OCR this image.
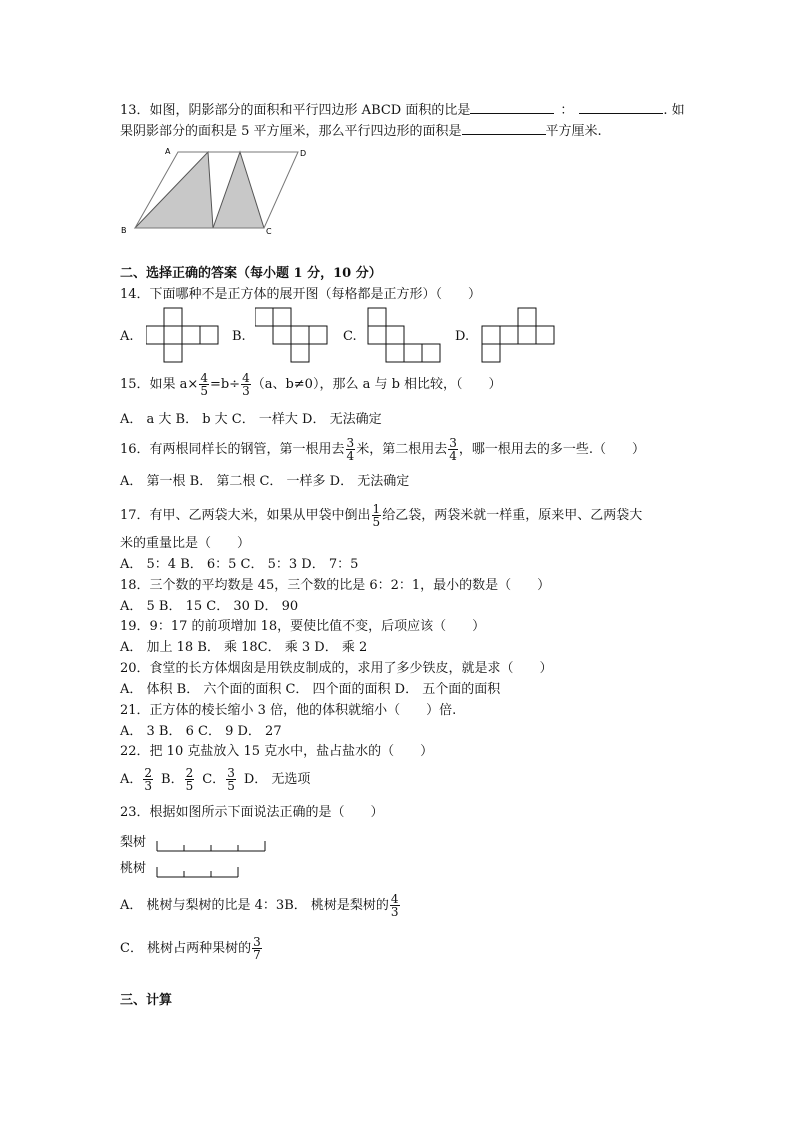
13．如图，阴影部分的面积和平行四边形 ABCD 面积的比是	：	. 如
果阴影部分的面积是 5 平方厘米，那么平行四边形的面积是	平方厘米.
A	D
B	C
二、选择正确的答案（每小题 1 分，10 分）
14．下面哪种不是正方体的展开图（每格都是正方形）（　　）
A.	B.	C.	D.
15．如果 $a\times \frac{4}{5} =b\div \frac{4}{3} (a$、b≠0），那么 a 与 b 相比较，（　　）
A． a 大 B． b 大 C． 一样大 D． 无法确定
16．有两根同样长的钢管，第一根用去 $\frac{3}{4}$ 米，第二根用去 $\frac{3}{4}$ ，哪一根用去的多一些.（　　）
A． 第一根 B． 第二根 C． 一样多 D． 无法确定
17．有甲、乙两袋大米，如果从甲袋中倒出 $\frac{1}{5}$ 给乙袋，两袋米就一样重，原来甲、乙两袋大
米的重量比是（　　）
A． 5：4 B． 6：5 C． 5：3 D． 7：5
18．三个数的平均数是 45，三个数的比是 6：2：1，最小的数是（　　）
A． 5 B． 15 C． 30 D． 90
19．9：17 的前项增加 18，要使比值不变，后项应该（　　）
A． 加上 18 B． 乘 18C． 乘 3 D． 乘 2
20．食堂的长方体烟囱是用铁皮制成的，求用了多少铁皮，就是求（　　）
A． 体积 B． 六个面的面积 C． 四个面的面积 D． 五个面的面积
21．正方体的棱长缩小 3 倍，他的体积就缩小（　　）倍.
A． 3 B． 6 C． 9 D． 27
22．把 10 克盐放入 15 克水中，盐占盐水的（　　）
A． $\frac{2}{3}$ B． $\frac{2}{5}$ C． $\frac{3}{5}$ D． 无选项
23．根据如图所示下面说法正确的是（　　）
梨树
桃树
A． 桃树与梨树的比是 4：3B． 桃树是梨树的 $\frac{4}{3}$
C． 桃树占两种果树的 $\frac{3}{7}$
三、计算
